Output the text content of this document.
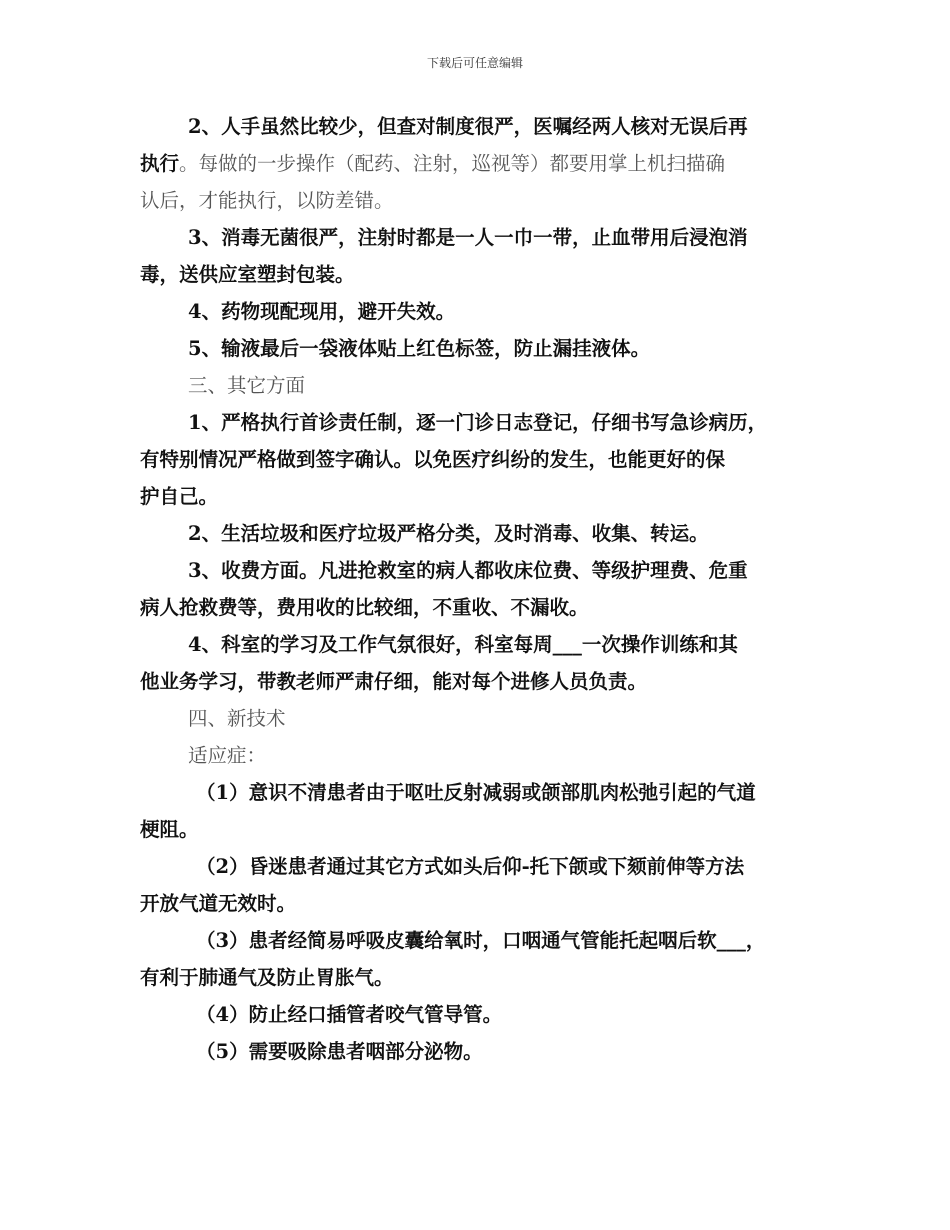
下载后可任意编辑
2、人手虽然比较少，但查对制度很严，医嘱经两人核对无误后再
执行。每做的一步操作（配药、注射，巡视等）都要用掌上机扫描确
认后，才能执行，以防差错。
3、消毒无菌很严，注射时都是一人一巾一带，止血带用后浸泡消
毒，送供应室塑封包装。
4、药物现配现用，避开失效。
5、输液最后一袋液体贴上红色标签，防止漏挂液体。
三、其它方面
1、严格执行首诊责任制，逐一门诊日志登记，仔细书写急诊病历，
有特别情况严格做到签字确认。以免医疗纠纷的发生，也能更好的保
护自己。
2、生活垃圾和医疗垃圾严格分类，及时消毒、收集、转运。
3、收费方面。凡进抢救室的病人都收床位费、等级护理费、危重
病人抢救费等，费用收的比较细，不重收、不漏收。
4、科室的学习及工作气氛很好，科室每周___一次操作训练和其
他业务学习，带教老师严肃仔细，能对每个进修人员负责。
四、新技术
适应症：
（1）意识不清患者由于呕吐反射减弱或颌部肌肉松弛引起的气道
梗阻。
（2）昏迷患者通过其它方式如头后仰-托下颌或下颏前伸等方法
开放气道无效时。
（3）患者经简易呼吸皮囊给氧时，口咽通气管能托起咽后软___，
有利于肺通气及防止胃胀气。
（4）防止经口插管者咬气管导管。
（5）需要吸除患者咽部分泌物。
